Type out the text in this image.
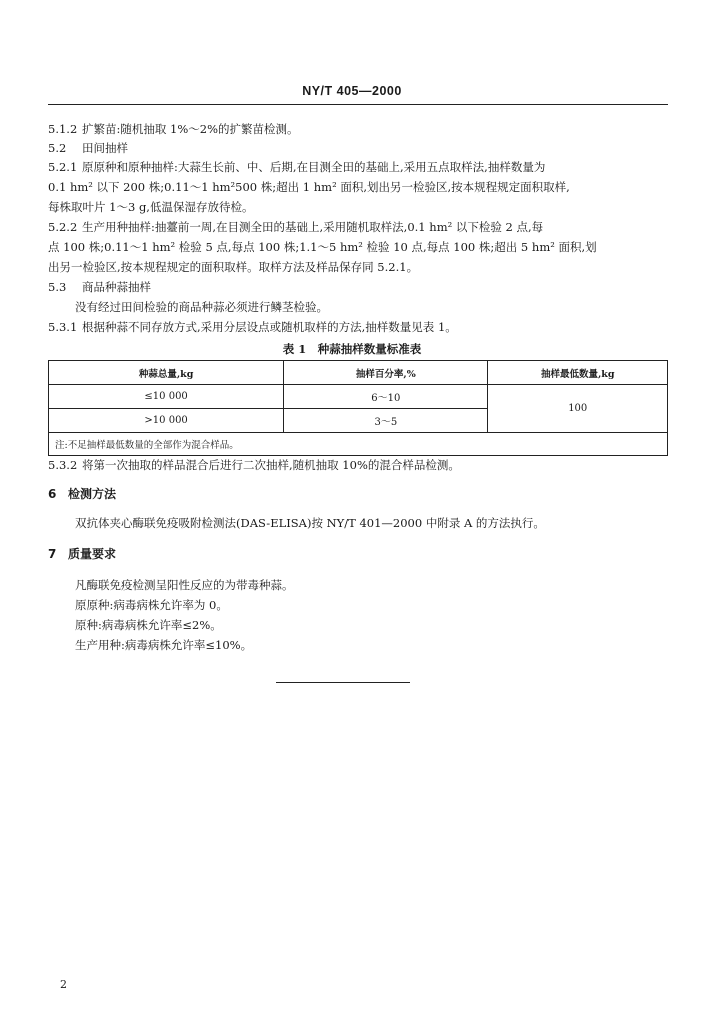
NY/T 405—2000
5.1.2 扩繁苗:随机抽取 1%～2%的扩繁苗检测。
5.2 田间抽样
5.2.1 原原种和原种抽样:大蒜生长前、中、后期,在目测全田的基础上,采用五点取样法,抽样数量为
0.1 hm² 以下 200 株;0.11～1 hm²500 株;超出 1 hm² 面积,划出另一检验区,按本规程规定面积取样,
每株取叶片 1～3 g,低温保湿存放待检。
5.2.2 生产用种抽样:抽薹前一周,在目测全田的基础上,采用随机取样法,0.1 hm² 以下检验 2 点,每
点 100 株;0.11～1 hm² 检验 5 点,每点 100 株;1.1～5 hm² 检验 10 点,每点 100 株;超出 5 hm² 面积,划
出另一检验区,按本规程规定的面积取样。取样方法及样品保存同 5.2.1。
5.3 商品种蒜抽样
没有经过田间检验的商品种蒜必须进行鳞茎检验。
5.3.1 根据种蒜不同存放方式,采用分层设点或随机取样的方法,抽样数量见表 1。
表 1　种蒜抽样数量标准表
种蒜总量,kg	抽样百分率,%	抽样最低数量,kg
≤10 000	6～10	100
>10 000	3～5	
注:不足抽样最低数量的全部作为混合样品。		
5.3.2 将第一次抽取的样品混合后进行二次抽样,随机抽取 10%的混合样品检测。
6 检测方法
双抗体夹心酶联免疫吸附检测法(DAS-ELISA)按 NY/T 401—2000 中附录 A 的方法执行。
7 质量要求
凡酶联免疫检测呈阳性反应的为带毒种蒜。
原原种:病毒病株允许率为 0。
原种:病毒病株允许率≤2%。
生产用种:病毒病株允许率≤10%。
2
